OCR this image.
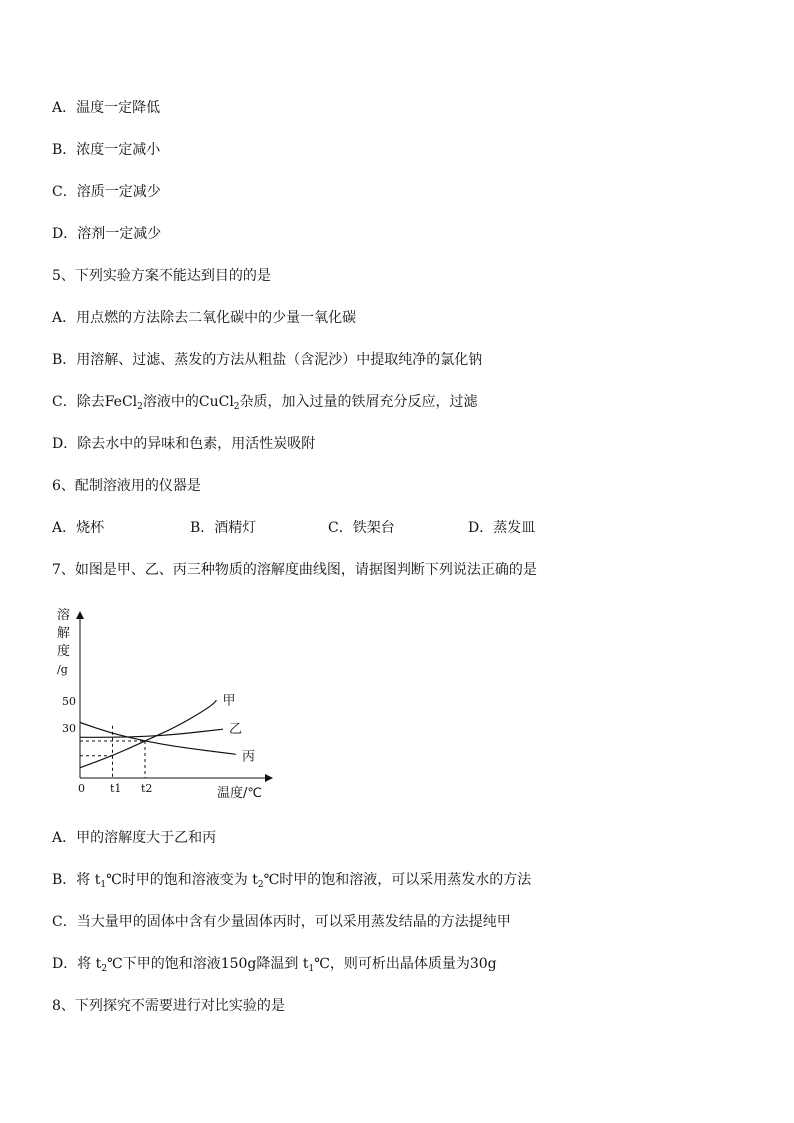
A．温度一定降低
B．浓度一定减小
C．溶质一定减少
D．溶剂一定减少
5、下列实验方案不能达到目的的是
A．用点燃的方法除去二氧化碳中的少量一氧化碳
B．用溶解、过滤、蒸发的方法从粗盐（含泥沙）中提取纯净的氯化钠
C．除去FeCl$_2$溶液中的CuCl$_2$杂质，加入过量的铁屑充分反应，过滤
D．除去水中的异味和色素，用活性炭吸附
6、配制溶液用的仪器是
A．烧杯	B．酒精灯	C．铁架台	D．蒸发皿
7、如图是甲、乙、丙三种物质的溶解度曲线图，请据图判断下列说法正确的是
溶
解
度
/g
甲
乙
丙
50
30
0 t1 t2	温度/℃
A．甲的溶解度大于乙和丙
B．将 $t_1℃$时甲的饱和溶液变为 $t_2℃$时甲的饱和溶液，可以采用蒸发水的方法
C．当大量甲的固体中含有少量固体丙时，可以采用蒸发结晶的方法提纯甲
D．将 $t_2℃$下甲的饱和溶液150g降温到 $t_1℃$，则可析出晶体质量为30g
8、下列探究不需要进行对比实验的是
